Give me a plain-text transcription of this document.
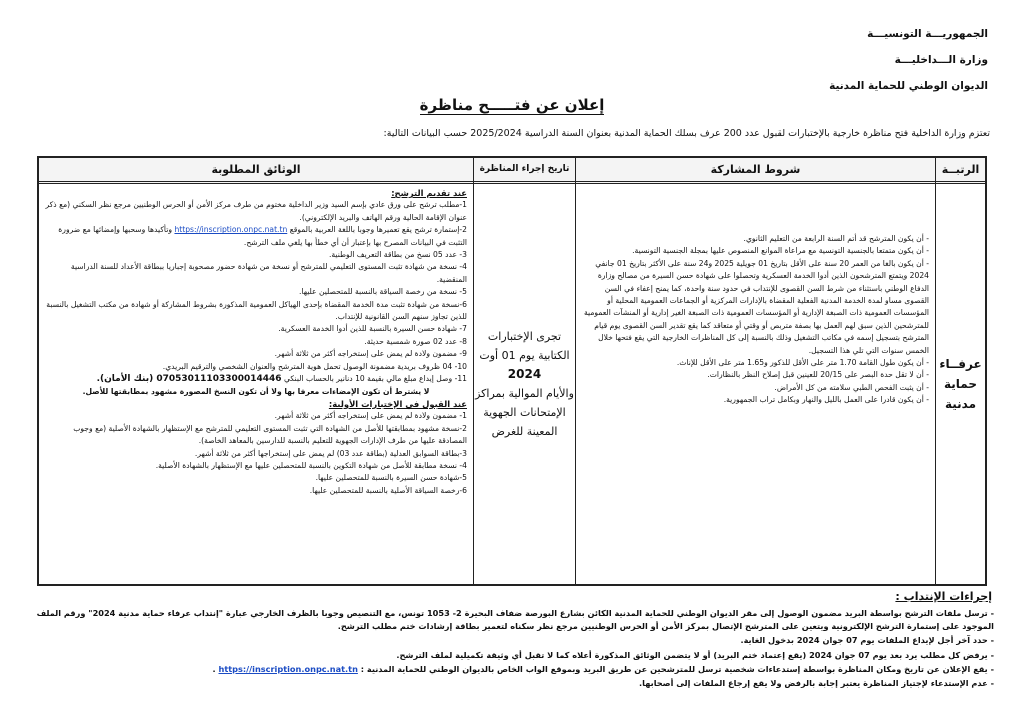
الجمهوريـــة التونسيـــة
وزارة الـــداخليـــة
الديوان الوطني للحماية المدنية
إعلان عن فتـــــح مناظرة
تعتزم وزارة الداخلية فتح مناظرة خارجية بالإختبارات لقبول عدد 200 عرف بسلك الحماية المدنية بعنوان السنة الدراسية 2025/2024 حسب البيانات التالية:
الرتبــة
عرفــاء حماية مدنية
شروط المشاركة

- أن يكون المترشح قد أتم السنة الرابعة من التعليم الثانوي.

- أن يكون متمتعا بالجنسية التونسية مع مراعاة الموانع المنصوص عليها بمجلة الجنسية التونسية.

- أن يكون بالغا من العمر 20 سنة على الأقل بتاريخ 01 جويلية 2025 و24 سنة على الأكثر بتاريخ 01 جانفي 2024 ويتمتع المترشحون الذين أدوا الخدمة العسكرية وتحصلوا على شهادة حسن السيرة من مصالح وزارة الدفاع الوطني باستثناء من شرط السن القصوى للإنتداب في حدود سنة واحدة، كما يمنح إعفاء في السن القصوى مساو لمدة الخدمة المدنية الفعلية المقضاة بالإدارات المركزية أو الجماعات العمومية المحلية أو المؤسسات العمومية ذات الصبغة الإدارية أو المؤسسات العمومية ذات الصبغة الغير إدارية أو المنشآت العمومية للمترشحين الذين سبق لهم العمل بها بصفة متربص أو وقتي أو متعاقد كما يقع تقدير السن القصوى يوم قيام المترشح بتسجيل إسمه في مكاتب التشغيل وذلك بالنسبة إلى كل المناظرات الخارجية التي يقع فتحها خلال الخمس سنوات التي تلي هذا التسجيل.

- أن يكون طول القامة 1.70 متر على الأقل للذكور و1.65 متر على الأقل للإناث.

- أن لا تقل حدة البصر على 20/15 للعينين قبل إصلاح النظر بالنظارات.

- أن يثبت الفحص الطبي سلامته من كل الأمراض.

- أن يكون قادرا على العمل بالليل والنهار وبكامل تراب الجمهورية.

تاريخ إجراء المناظرة
تجرى الإختبارات
الكتابية يوم 01 أوت
2024
والأيام الموالية بمراكز
الإمتحانات الجهوية
المعينة للغرض
الوثائق المطلوبة

عند تقديم الترشح:

1-مطلب ترشح على ورق عادي بإسم السيد وزير الداخلية مختوم من طرف مركز الأمن أو الحرس الوطنيين مرجع نظر السكني (مع ذكر عنوان الإقامة الحالية ورقم الهاتف والبريد الإلكتروني).

2-إستمارة ترشح يقع تعميرها وجوبا باللغة العربية بالموقع https://inscription.onpc.nat.tn وتأكيدها وسحبها وإمضائها مع ضرورة التثبت في البيانات المصرح بها بإعتبار أن أي خطأ بها يلغي ملف الترشح.

3- عدد 05 نسخ من بطاقة التعريف الوطنية.

4- نسخة من شهادة تثبت المستوى التعليمي للمترشح أو نسخة من شهادة حضور مصحوبة إجباريا ببطاقة الأعداد للسنة الدراسية المنقضية.

5- نسخة من رخصة السياقة بالنسبة للمتحصلين عليها.

6-نسخة من شهادة تثبت مدة الخدمة المقضاة بإحدى الهياكل العمومية المذكورة بشروط المشاركة أو شهادة من مكتب التشغيل بالنسبة للذين تجاوز سنهم السن القانونية للإنتداب.

7- شهادة حسن السيرة بالنسبة للذين أدوا الخدمة العسكرية.

8- عدد 02 صورة شمسية حديثة.

9- مضمون ولادة لم يمض على إستخراجه أكثر من ثلاثة أشهر.

10- 04 ظروف بريدية مضمونة الوصول تحمل هوية المترشح والعنوان الشخصي والترقيم البريدي.

11- وصل إيداع مبلغ مالي بقيمة 10 دنانير بالحساب البنكي 07053011103300014446 (بنك الأمان).

لا يشترط أن تكون الإمضاءات معرفا بها ولا أن تكون النسخ المصورة مشهود بمطابقتها للأصل.

عند القبول في الإختبارات الأولية:

1- مضمون ولادة لم يمض على إستخراجه أكثر من ثلاثة أشهر.

2-نسخة مشهود بمطابقتها للأصل من الشهادة التي تثبت المستوى التعليمي للمترشح مع الإستظهار بالشهادة الأصلية (مع وجوب المصادقة عليها من طرف الإدارات الجهوية للتعليم بالنسبة للدارسين بالمعاهد الخاصة).

3-بطاقة السوابق العدلية (بطاقة عدد 03) لم يمض على إستخراجها أكثر من ثلاثة أشهر.

4- نسخة مطابقة للأصل من شهادة التكوين بالنسبة للمتحصلين عليها مع الإستظهار بالشهادة الأصلية.

5-شهادة حسن السيرة بالنسبة للمتحصلين عليها.

6-رخصة السياقة الأصلية بالنسبة للمتحصلين عليها.

إجراءات الإنتداب :

- ترسل ملفات الترشح بواسطة البريد مضمون الوصول إلى مقر الديوان الوطني للحماية المدنية الكائن بشارع البورصة ضفاف البحيرة 2- 1053 تونس، مع التنصيص وجوبا بالظرف الخارجي عبارة "إنتداب عرفاء حماية مدنية 2024" ورقم الملف الموجود على إستمارة الترشح الإلكترونية ويتعين على المترشح الإتصال بمركز الأمن أو الحرس الوطنيين مرجع نظر سكناه لتعمير بطاقة إرشادات ختم مطلب الترشح.

- حدد آخر أجل لإيداع الملفات يوم 07 جوان 2024 بدخول الغاية.

- يرفض كل مطلب يرد بعد يوم 07 جوان 2024 (يقع إعتماد ختم البريد) أو لا يتضمن الوثائق المذكورة أعلاه كما لا تقبل أي وثيقة تكميلية لملف الترشح.

- يقع الإعلان عن تاريخ ومكان المناظرة بواسطة إستدعاءات شخصية ترسل للمترشحين عن طريق البريد وبموقع الواب الخاص بالديوان الوطني للحماية المدنية : https://inscription.onpc.nat.tn .

- عدم الإستدعاء لإجتياز المناظرة يعتبر إجابة بالرفض ولا يقع إرجاع الملفات إلى أصحابها.
